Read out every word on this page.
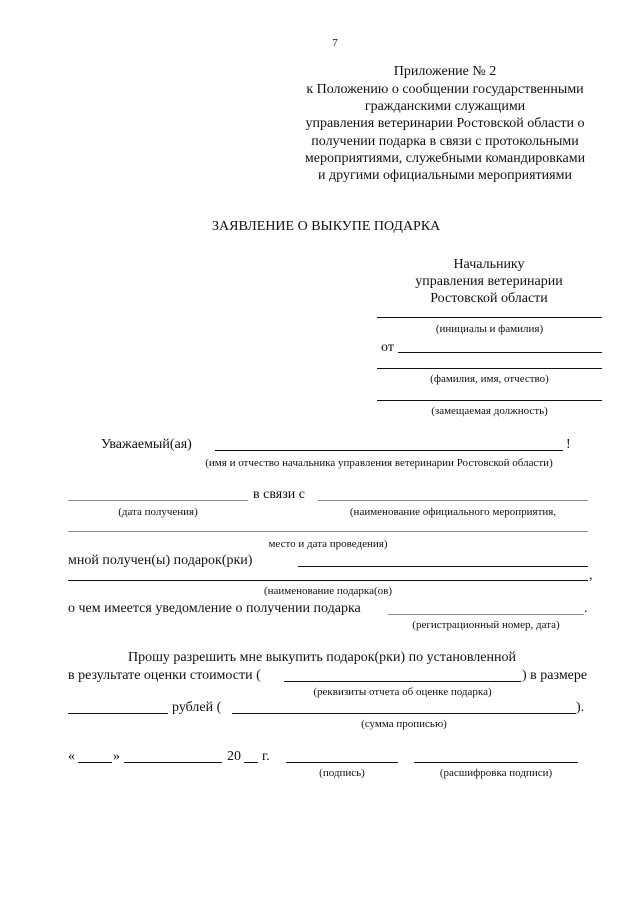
7
Приложение № 2
к Положению о сообщении государственными
гражданскими служащими
управления ветеринарии Ростовской области о
получении подарка в связи с протокольными
мероприятиями, служебными командировками
и другими официальными мероприятиями
ЗАЯВЛЕНИЕ О ВЫКУПЕ ПОДАРКА
Начальнику
управления ветеринарии
Ростовской области
(инициалы и фамилия)
от
(фамилия, имя, отчество)
(замещаемая должность)
Уважаемый(ая)	!
(имя и отчество начальника управления ветеринарии Ростовской области)
в связи с
(дата получения)	(наименование официального мероприятия,
место и дата проведения)
мной получен(ы) подарок(рки)
,
(наименование подарка(ов)
о чем имеется уведомление о получении подарка	.
(регистрационный номер, дата)
Прошу разрешить мне выкупить подарок(рки) по установленной
в результате оценки стоимости (	) в размере
(реквизиты отчета об оценке подарка)
рублей (	).
(сумма прописью)
«	»	20 г.
(подпись)	(расшифровка подписи)
